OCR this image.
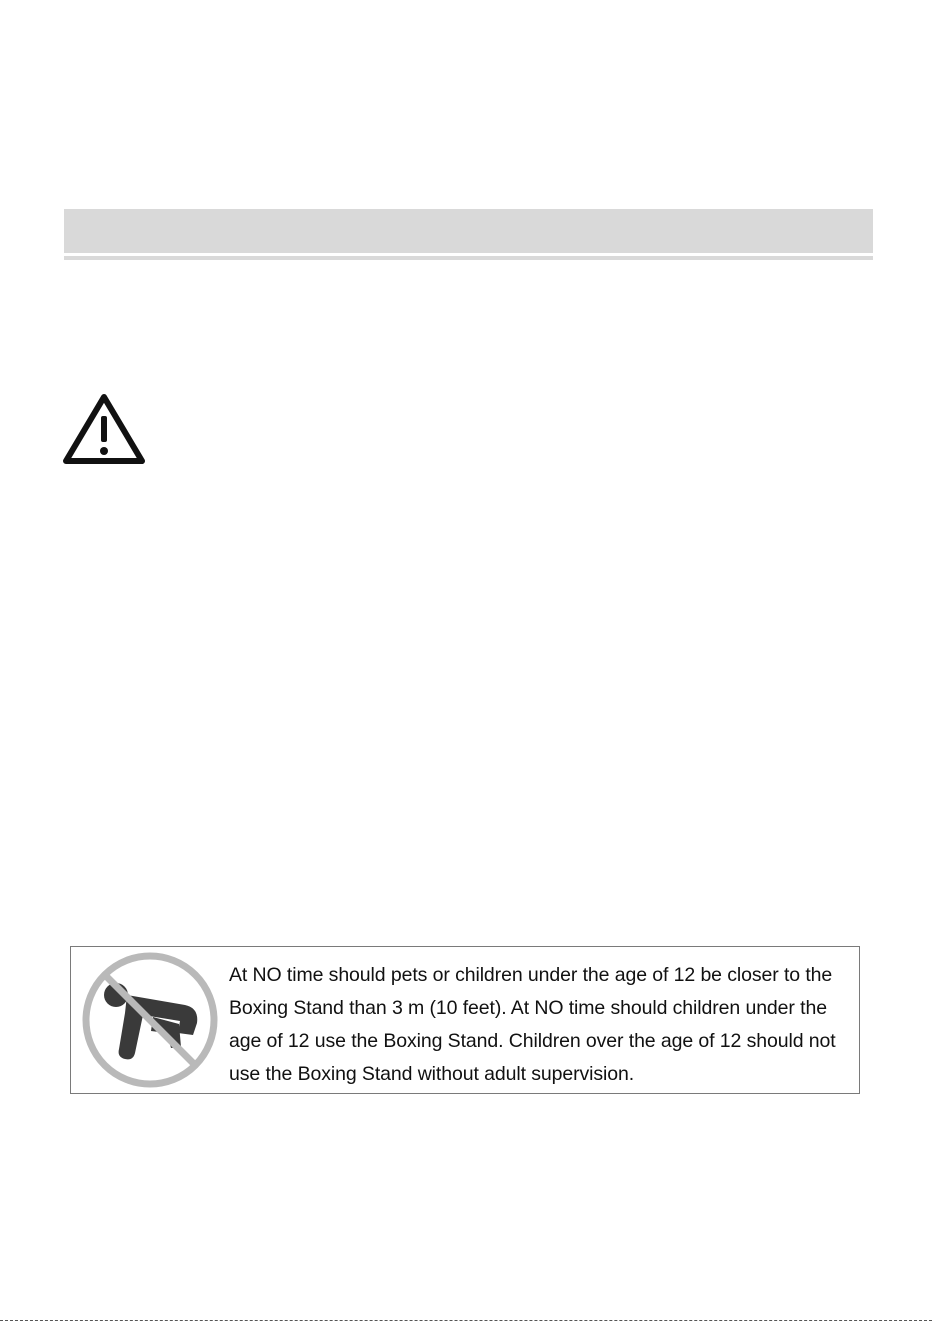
At NO time should pets or children under the age of 12 be closer to the Boxing Stand than 3 m (10 feet). At NO time should children under the age of 12 use the Boxing Stand. Children over the age of 12 should not use the Boxing Stand without adult supervision.
